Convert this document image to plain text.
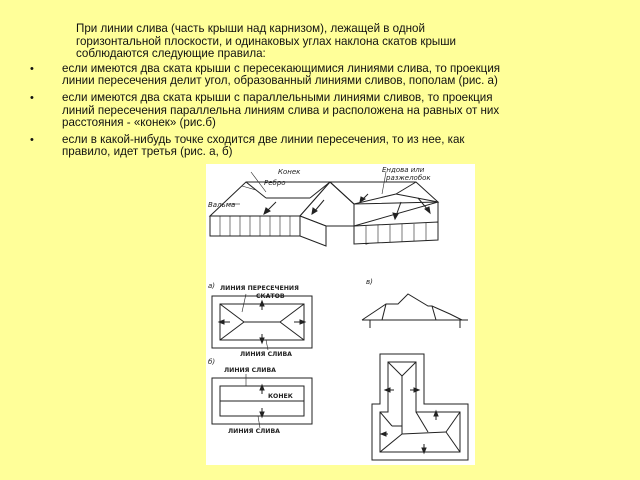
При линии слива (часть крыши над карнизом), лежащей в одной
горизонтальной плоскости, и одинаковых углах наклона скатов крыши
соблюдаются следующие правила:

• если имеются два ската крыши с пересекающимися линиями слива, то проекция
линии пересечения делит угол, образованный линиями сливов, пополам (рис. а)
• если имеются два ската крыши с параллельными линиями сливов, то проекция
линий пересечения параллельна линиям слива и расположена на равных от них
расстояния - «конек» (рис.б)
• если в какой-нибудь точке сходится две линии пересечения, то из нее, как
правило, идет третья (рис. а, б)
Конек
Ребро
Вальма
Ендова или
разжелобок
а)
б)
в)
ЛИНИЯ ПЕРЕСЕЧЕНИЯ
СКАТОВ
ЛИНИЯ СЛИВА
ЛИНИЯ СЛИВА
КОНЕК
ЛИНИЯ СЛИВА
